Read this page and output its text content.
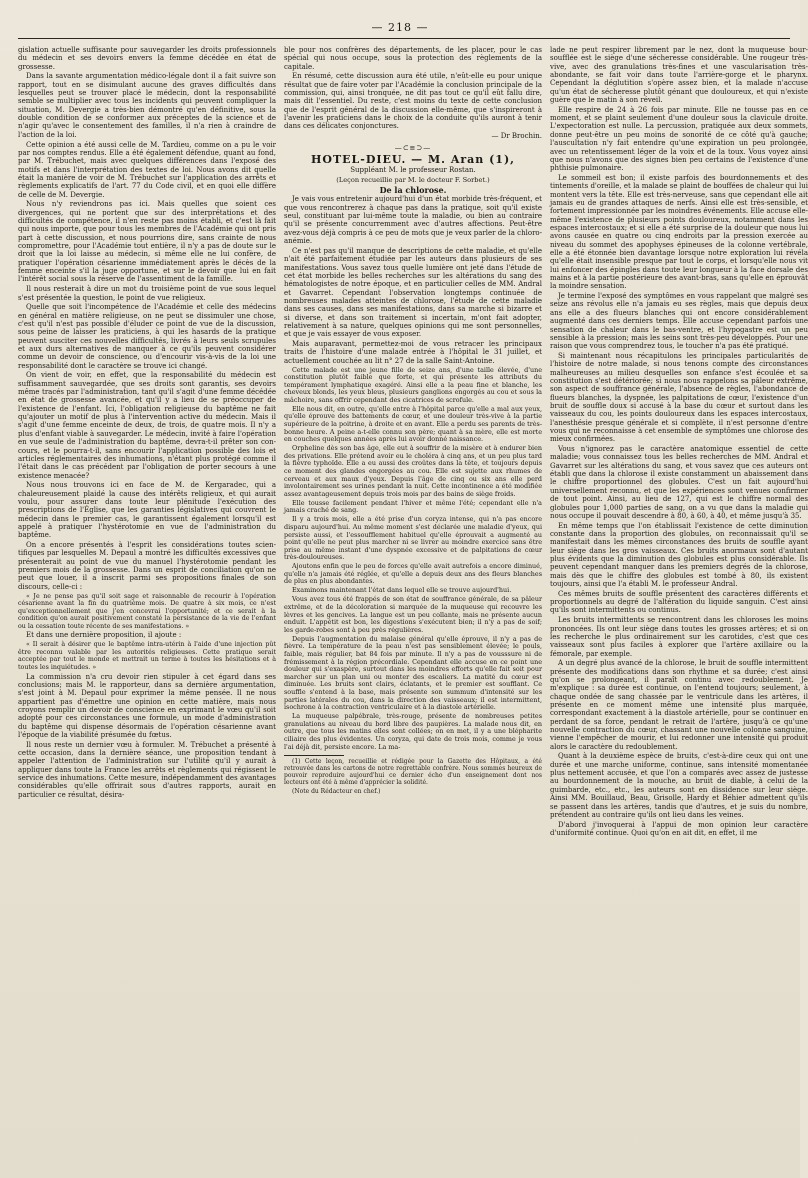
— 218 —

gislation actuelle suffisante pour sauvegarder les droits professionnels du médecin et ses devoirs envers la femme décédée en état de grossesse.

Dans la savante argumentation médico-légale dont il a fait suivre son rapport, tout en se disimulant aucune des graves difficultés dans lesquelles peut se trouver placé le médecin, dont la responsabilité semble se multiplier avec tous les incidents qui peuvent compliquer la situation, M. Devergie a très-bien démontré qu'en définitive, sous la double condition de se conformer aux préceptes de la science et de n'agir qu'avec le consentement des familles, il n'a rien à craindre de l'action de la loi.

Cette opinion a été aussi celle de M. Tardieu, comme on a pu le voir par nos comptes rendus. Elle a été également défendue, quant au fond, par M. Trébuchet, mais avec quelques différences dans l'exposé des motifs et dans l'interprétation des textes de loi. Nous avons dit quelle était la manière de voir de M. Trébuchet sur l'application des arrêts et règlements explicatifs de l'art. 77 du Code civil, et en quoi elle diffère de celle de M. Devergie.

Nous n'y reviendrons pas ici. Mais quelles que soient ces divergences, qui ne portent que sur des interprétations et des difficultés de compétence, il n'en reste pas moins établi, et c'est là fait qui nous importe, que pour tous les membres de l'Académie qui ont pris part à cette discussion, et nous pourrions dire, sans crainte de nous compromettre, pour l'Académie tout entière, il n'y a pas de doute sur le droit que la loi laisse au médecin, si même elle ne lui confère, de pratiquer l'opération césarienne immédiatement après le décès de la femme enceinte s'il la juge opportune, et sur le devoir que lui en fait l'intérêt social sous la réserve de l'assentiment de la famille.

Il nous resterait à dire un mot du troisième point de vue sous lequel s'est présentée la question, le point de vue religieux.

Quelle que soit l'incompétence de l'Académie et celle des médecins en général en matière religieuse, on ne peut se dissimuler une chose, c'est qu'il n'est pas possible d'éluder ce point de vue de la discussion, sous peine de laisser les praticiens, à qui les hasards de la pratique peuvent susciter ces nouvelles difficultés, livrés à leurs seuls scrupules et aux durs alternatives de manquer à ce qu'ils peuvent considérer comme un devoir de conscience, ou d'encourir vis-à-vis de la loi une responsabilité dont le caractère se trouve ici changé.

On vient de voir, en effet, que la responsabilité du médecin est suffisamment sauvegardée, que ses droits sont garantis, ses devoirs même tracés par l'administration, tant qu'il s'agit d'une femme décédée en état de grossesse avancée, et qu'il y a lieu de se préoccuper de l'existence de l'enfant. Ici, l'obligation religieuse du baptême ne fait qu'ajouter un motif de plus à l'intervention active du médecin. Mais il s'agit d'une femme enceinte de deux, de trois, de quatre mois. Il n'y a plus d'enfant viable à sauvegarder. Le médecin, invité à faire l'opération en vue seule de l'administration du baptême, devra-t-il prêter son concours, et le pourra-t-il, sans encourir l'application possible des lois et articles réglementaires des inhumations, n'étant plus protégé comme il l'était dans le cas précédent par l'obligation de porter secours à une existence menacée?

Nous nous trouvons ici en face de M. de Kergaradec, qui a chaleureusement plaidé la cause des intérêts religieux, et qui aurait voulu, pour assurer dans toute leur plénitude l'exécution des prescriptions de l'Église, que les garanties législatives qui couvrent le médecin dans le premier cas, le garantissent également lorsqu'il est appelé à pratiquer l'hystérotomie en vue de l'administration du baptême.

On a encore présentés à l'esprit les considérations toutes scientifiques par lesquelles M. Depaul a montré les difficultés excessives que présenterait au point de vue du manuel l'hystérotomie pendant les premiers mois de la grossesse. Dans un esprit de conciliation qu'on ne peut que louer, il a inscrit parmi ses propositions finales de son discours, celle-ci :

« Je ne pense pas qu'il soit sage et raisonnable de recourir à l'opération césarienne avant la fin du quatrième mois. De quatre à six mois, ce n'est qu'exceptionnellement que j'en concevrai l'opportunité; et ce serait à la condition qu'on aurait positivement constaté la persistance de la vie de l'enfant ou la cessation toute récente de ses manifestations. »

Et dans une dernière proposition, il ajoute :

« Il serait à désirer que le baptême intra-utérin à l'aide d'une injection pût être reconnu valable par les autorités religieuses. Cette pratique serait acceptée par tout le monde et mettrait un terme à toutes les hésitations et à toutes les inquiétudes. »

La commission n'a cru devoir rien stipuler à cet égard dans ses conclusions; mais M. le rapporteur, dans sa dernière argumentation, s'est joint à M. Depaul pour exprimer la même pensée. Il ne nous appartient pas d'émettre une opinion en cette matière, mais nous croyons remplir un devoir de conscience en exprimant le vœu qu'il soit adopté pour ces circonstances une formule, un mode d'administration du baptême qui dispense désormais de l'opération césarienne avant l'époque de la viabilité présumée du fœtus.

Il nous reste un dernier vœu à formuler. M. Trébuchet a présenté à cette occasion, dans la dernière séance, une proposition tendant à appeler l'attention de l'administration sur l'utilité qu'il y aurait à appliquer dans toute la France les arrêts et règlements qui régissent le service des inhumations. Cette mesure, indépendamment des avantages considérables qu'elle offrirait sous d'autres rapports, aurait en particulier ce résultat, désira-

ble pour nos confrères des départements, de les placer, pour le cas spécial qui nous occupe, sous la protection des règlements de la capitale.

En résumé, cette discussion aura été utile, n'eût-elle eu pour unique résultat que de faire voter par l'Académie la conclusion principale de la commission, qui, ainsi tronquée, ne dit pas tout ce qu'il eût fallu dire, mais dit l'essentiel. Du reste, c'est moins du texte de cette conclusion que de l'esprit général de la discussion elle-même, que s'inspireront à l'avenir les praticiens dans le choix de la conduite qu'ils auront à tenir dans ces délicates conjonctures.

— Dr Brochin.

—⊂≡⊃—
HOTEL-DIEU. — M. Aran (1),

Suppléant M. le professeur Rostan.

(Leçon recueillie par M. le docteur F. Sorbet.)

De la chlorose.

Je vais vous entretenir aujourd'hui d'un état morbide très-fréquent, et que vous rencontrerez à chaque pas dans la pratique, soit qu'il existe seul, constituant par lui-même toute la maladie, ou bien au contraire qu'il se présente concurremment avec d'autres affections. Peut-être avez-vous déjà compris à ce peu de mots que je veux parler de la chloro-anémie.

Ce n'est pas qu'il manque de descriptions de cette maladie, et qu'elle n'ait été parfaitement étudiée par les auteurs dans plusieurs de ses manifestations. Vous savez tous quelle lumière ont jeté dans l'étude de cet état morbide les belles recherches sur les altérations du sang des hématologistes de notre époque, et en particulier celles de MM. Andral et Gavarret. Cependant l'observation longtemps continuée de nombreuses malades atteintes de chlorose, l'étude de cette maladie dans ses causes, dans ses manifestations, dans sa marche si bizarre et si diverse, et dans son traitement si incertain, m'ont fait adopter, relativement à sa nature, quelques opinions qui me sont personnelles, et que je vais essayer de vous exposer.

Mais auparavant, permettez-moi de vous retracer les principaux traits de l'histoire d'une malade entrée à l'hôpital le 31 juillet, et actuellement couchée au lit n° 27 de la salle Saint-Antoine.

Cette malade est une jeune fille de seize ans, d'une taille élevée, d'une constitution plutôt faible que forte, et qui présente les attributs du tempérament lymphatique exagéré. Ainsi elle a la peau fine et blanche, les cheveux blonds, les yeux bleus, plusieurs ganglions engorgés au cou et sous la mâchoire, sans offrir cependant des cicatrices de scrofule.

Elle nous dit, en outre, qu'elle entre à l'hôpital parce qu'elle a mal aux yeux, qu'elle éprouve des battements de cœur, et une douleur très-vive à la partie supérieure de la poitrine, à droite et en avant. Elle a perdu ses parents de très-bonne heure. A peine a-t-elle connu son père; quant à sa mère, elle est morte en couches quelques années après lui avoir donné naissance.

Orpheline dès son bas âge, elle eut à souffrir de la misère et à endurer bien des privations. Elle prétend avoir eu le choléra à cinq ans, et un peu plus tard la fièvre typhoïde. Elle a eu aussi des croûtes dans la tête, et toujours depuis ce moment des glandes engorgées au cou. Elle est sujette aux rhumes de cerveau et aux maux d'yeux. Depuis l'âge de cinq ou six ans elle perd involontairement ses urines pendant la nuit. Cette incontinence a été modifiée assez avantageusement depuis trois mois par des bains de siège froids.

Elle tousse facilement pendant l'hiver et même l'été; cependant elle n'a jamais craché de sang.

Il y a trois mois, elle a été prise d'un coryza intense, qui n'a pas encore disparu aujourd'hui. Au même moment s'est déclarée une maladie d'yeux, qui persiste aussi, et l'essoufflement habituel qu'elle éprouvait a augmenté au point qu'elle ne peut plus marcher ni se livrer au moindre exercice sans être prise au même instant d'une dyspnée excessive et de palpitations de cœur très-douloureuses.

Ajoutons enfin que le peu de forces qu'elle avait autrefois a encore diminué, qu'elle n'a jamais été réglée, et qu'elle a depuis deux ans des fleurs blanches de plus en plus abondantes.

Examinons maintenant l'état dans lequel elle se trouve aujourd'hui.

Vous avez tous été frappés de son état de souffrance générale, de sa pâleur extrême, et de la décoloration si marquée de la muqueuse qui recouvre les lèvres et les gencives. La langue est un peu collante, mais ne présente aucun enduit. L'appétit est bon, les digestions s'exécutent bien; il n'y a pas de soif; les garde-robes sont à peu près régulières.

Depuis l'augmentation du malaise général qu'elle éprouve, il n'y a pas de fièvre. La température de la peau n'est pas sensiblement élevée; le pouls, faible, mais régulier, bat 84 fois par minute. Il n'y a pas de vousssure ni de frémissement à la région précordiale. Cependant elle accuse en ce point une douleur qui s'exaspère, surtout dans les moindres efforts qu'elle fait soit pour marcher sur un plan uni ou monter des escaliers. La matité du cœur est diminuée. Les bruits sont clairs, éclatants, et le premier est soufflant. Ce souffle s'entend à la base, mais présente son summum d'intensité sur les parties latérales du cou, dans la direction des vaisseaux; il est intermittent, isochrone à la contraction ventriculaire et à la diastole artérielle.

La muqueuse palpébrale, très-rouge, présente de nombreuses petites granulations au niveau du bord libre des paupières. La malade nous dit, en outre, que tous les matins elles sont collées; on en met, il y a une blépharite ciliaire des plus évidentes. Un coryza, qui date de trois mois, comme je vous l'ai déjà dit, persiste encore. La ma-

(1) Cette leçon, recueillie et rédigée pour la Gazette des Hôpitaux, a été retrouvée dans les cartons de notre regrettable confrère. Nous sommes heureux de pouvoir reproduire aujourd'hui ce dernier écho d'un enseignement dont nos lecteurs ont été à même d'apprécier la solidité.

(Note du Rédacteur en chef.)

lade ne peut respirer librement par le nez, dont la muqueuse boursoufflée est le siège d'une sécheresse considérable. Une rougeur très-vive, avec des granulations très-fines et une vascularisation très-abondante, se fait voir dans toute l'arrière-gorge et le pharynx. Cependant la déglutition s'opère assez bien, et la malade n'accuse qu'un état de sécheresse plutôt génant que douloureux, et qui n'existe guère que le matin à son réveil.

Elle respire de 24 à 26 fois par minute. Elle ne tousse pas en ce moment, et se plaint seulement d'une douleur sous la clavicule droite. L'expectoration est nulle. La percussion, pratiquée aux deux sommets, donne peut-être un peu moins de sonorité de ce côté qu'à gauche; l'auscultation n'y fait entendre qu'une expiration un peu prolongée, avec un retentissement léger de la voix et de la toux. Vous voyez ainsi que nous n'avons que des signes bien peu certains de l'existence d'une phthisie pulmonaire.

Le sommeil est bon; il existe parfois des bourdonnements et des tintements d'oreille, et la malade se plaint de bouffées de chaleur qui lui montent vers la tête. Elle est très-nerveuse, sans que cependant elle ait jamais eu de grandes attaques de nerfs. Ainsi elle est très-sensible, et fortement impressionnée par les moindres événements. Elle accuse elle-même l'existence de plusieurs points douloureux, notamment dans les espaces intercostaux; et si elle a été surprise de la douleur que nous lui avons causée en quatre ou cinq endroits par la pression exercée au niveau du sommet des apophyses épineuses de la colonne vertébrale, elle a été étonnée bien davantage lorsque notre exploration lui révéla qu'elle était insensible presque par tout le corps, et lorsqu'elle nous vit lui enfoncer des épingles dans toute leur longueur à la face dorsale des mains et à la partie postérieure des avant-bras, sans qu'elle en éprouvât la moindre sensation.

Je termine l'exposé des symptômes en vous rappelant que malgré ses seize ans révolus elle n'a jamais eu ses règles, mais que depuis deux ans elle a des flueurs blanches qui ont encore considérablement augmenté dans ces derniers temps. Elle accuse cependant parfois une sensation de chaleur dans le bas-ventre, et l'hypogastre est un peu sensible à la pression; mais les seins sont très-peu développés. Pour une raison que vous comprendrez tous, le toucher n'a pas été pratiqué.

Si maintenant nous récapitulons les principales particularités de l'histoire de notre malade, si nous tenons compte des circonstances malheureuses au milieu desquelles son enfance s'est écoulée et sa constitution s'est détériorée; si nous nous rappelons sa pâleur extrême, son aspect de souffrance générale, l'absence de règles, l'abondance de flueurs blanches, la dyspnée, les palpitations de cœur, l'existence d'un bruit de souffle doux si accusé à la base du cœur et surtout dans les vaisseaux du cou, les points douloureux dans les espaces intercostaux, l'anesthésie presque générale et si complète, il n'est personne d'entre vous qui ne reconnaisse à cet ensemble de symptômes une chlorose des mieux confirmées.

Vous n'ignorez pas le caractère anatomique essentiel de cette maladie; vous connaissez tous les belles recherches de MM. Andral et Gavarret sur les altérations du sang, et vous savez que ces auteurs ont établi que dans la chlorose il existe constamment un abaissement dans le chiffre proportionnel des globules. C'est un fait aujourd'hui universellement reconnu, et que les expériences sont venues confirmer de tout point. Ainsi, au lieu de 127, qui est le chiffre normal des globules pour 1,000 parties de sang, on a vu que dans la maladie qui nous occupe il pouvait descendre à 80, à 60, à 40, et même jusqu'à 35.

En même temps que l'on établissait l'existence de cette diminution constante dans la proportion des globules, on reconnaissait qu'il se manifestait dans les mêmes circonstances des bruits de souffle ayant leur siège dans les gros vaisseaux. Ces bruits anormaux sont d'autant plus évidents que la diminution des globules est plus considérable. Ils peuvent cependant manquer dans les premiers degrés de la chlorose, mais dès que le chiffre des globules est tombé à 80, ils existent toujours, ainsi que l'a établi M. le professeur Andral.

Ces mêmes bruits de souffle présentent des caractères différents et proportionnels au degré de l'altération du liquide sanguin. C'est ainsi qu'ils sont intermittents ou continus.

Les bruits intermittents se rencontrent dans les chloroses les moins prononcées. Ils ont leur siège dans toutes les grosses artères; et si on les recherche le plus ordinairement sur les carotides, c'est que ces vaisseaux sont plus faciles à explorer que l'artère axillaire ou la fémorale, par exemple.

A un degré plus avancé de la chlorose, le bruit de souffle intermittent présente des modifications dans son rhythme et sa durée; c'est ainsi qu'on se prolongeant, il paraît continu avec redoublement. Je m'explique : sa durée est continue, on l'entend toujours; seulement, à chaque ondée de sang chassée par le ventricule dans les artères, il présente en ce moment même une intensité plus marquée, correspondant exactement à la diastole artérielle, pour se continuer en perdant de sa force, pendant le retrait de l'artère, jusqu'à ce qu'une nouvelle contraction du cœur, chassant une nouvelle colonne sanguine, vienne l'empêcher de mourir, et lui redonner une intensité qui produit alors le caractère du redoublement.

Quant à la deuxième espèce de bruits, c'est-à-dire ceux qui ont une durée et une marche uniforme, continue, sans intensité momentanée plus nettement accusée, et que l'on a comparés avec assez de justesse au bourdonnement de la mouche, au bruit de diable, à celui de la guimbarde, etc., etc., les auteurs sont en dissidence sur leur siège. Ainsi MM. Bouillaud, Beau, Grisolle, Hardy et Béhier admettent qu'ils se passent dans les artères, tandis que d'autres, et je suis du nombre, prétendent au contraire qu'ils ont lieu dans les veines.

D'abord j'invoquerai à l'appui de mon opinion leur caractère d'uniformité continue. Quoi qu'on en ait dit, en effet, il me
